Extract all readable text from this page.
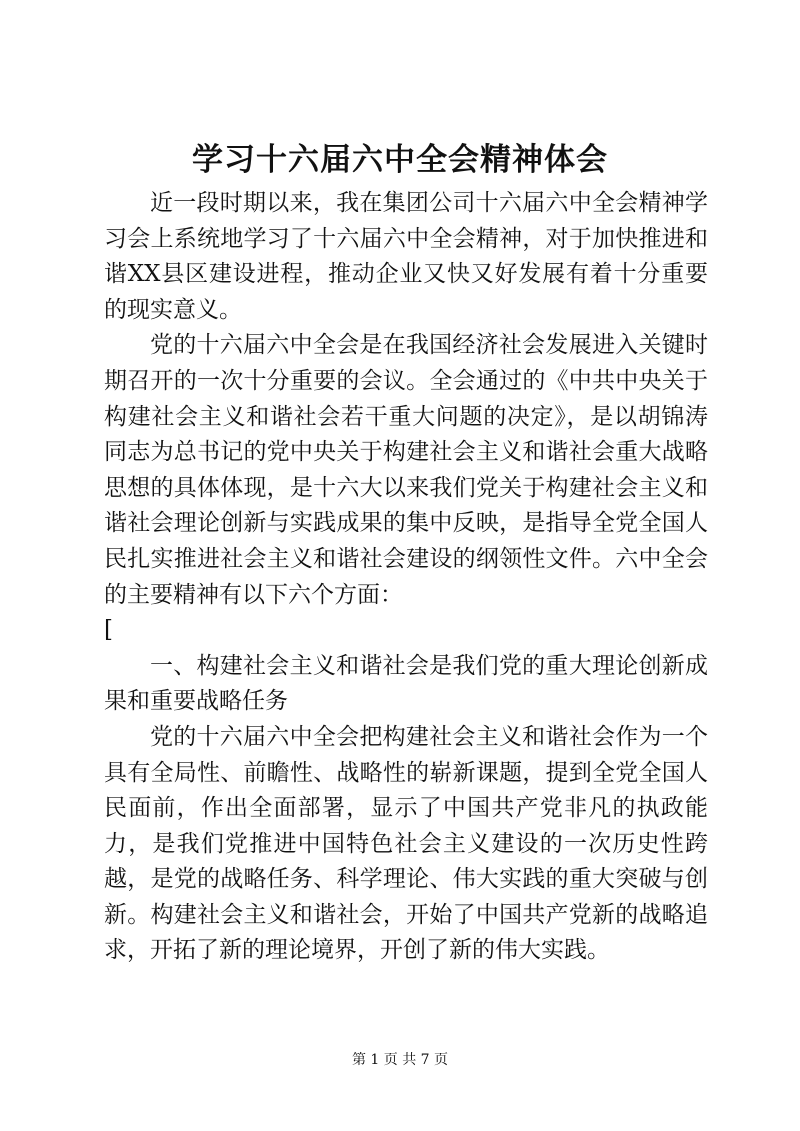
学习十六届六中全会精神体会

近一段时期以来，我在集团公司十六届六中全会精神学习会上系统地学习了十六届六中全会精神，对于加快推进和谐XX县区建设进程，推动企业又快又好发展有着十分重要的现实意义。

党的十六届六中全会是在我国经济社会发展进入关键时期召开的一次十分重要的会议。全会通过的《中共中央关于构建社会主义和谐社会若干重大问题的决定》，是以胡锦涛同志为总书记的党中央关于构建社会主义和谐社会重大战略思想的具体体现，是十六大以来我们党关于构建社会主义和谐社会理论创新与实践成果的集中反映，是指导全党全国人民扎实推进社会主义和谐社会建设的纲领性文件。六中全会的主要精神有以下六个方面：

[

一、构建社会主义和谐社会是我们党的重大理论创新成果和重要战略任务

党的十六届六中全会把构建社会主义和谐社会作为一个具有全局性、前瞻性、战略性的崭新课题，提到全党全国人民面前，作出全面部署，显示了中国共产党非凡的执政能力，是我们党推进中国特色社会主义建设的一次历史性跨越，是党的战略任务、科学理论、伟大实践的重大突破与创新。构建社会主义和谐社会，开始了中国共产党新的战略追求，开拓了新的理论境界，开创了新的伟大实践。

第 1 页 共 7 页
